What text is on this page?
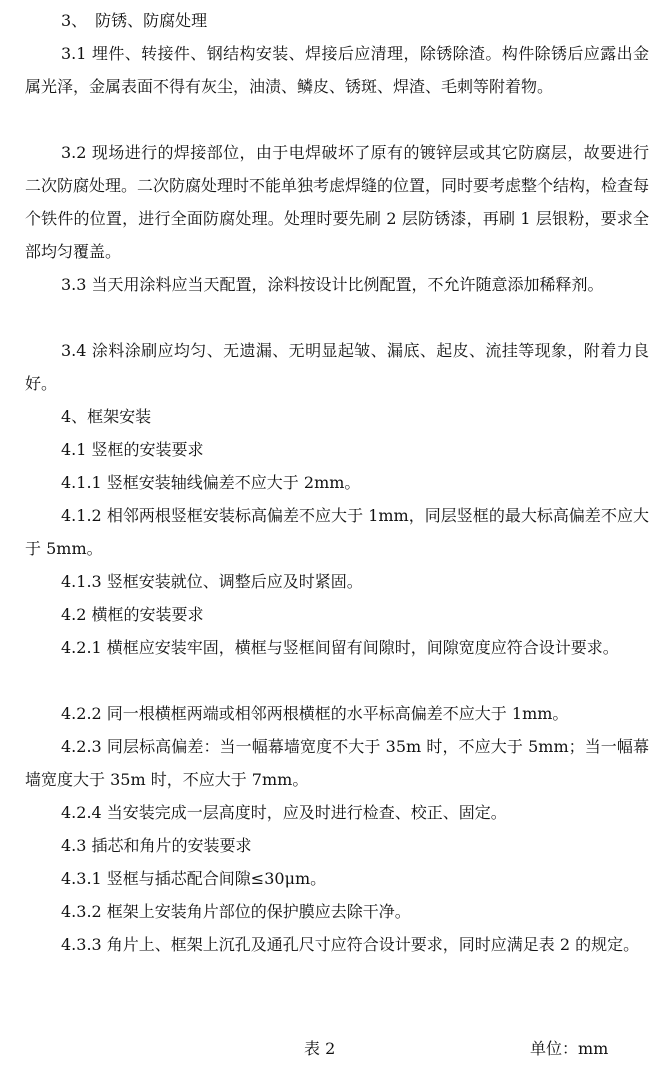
3、　防锈、防腐处理

3.1 埋件、转接件、钢结构安装、焊接后应清理，除锈除渣。构件除锈后应露出金属光泽，金属表面不得有灰尘，油渍、鳞皮、锈斑、焊渣、毛刺等附着物。

3.2 现场进行的焊接部位，由于电焊破坏了原有的镀锌层或其它防腐层，故要进行二次防腐处理。二次防腐处理时不能单独考虑焊缝的位置，同时要考虑整个结构，检查每个铁件的位置，进行全面防腐处理。处理时要先刷 2 层防锈漆，再刷 1 层银粉，要求全部均匀覆盖。

3.3 当天用涂料应当天配置，涂料按设计比例配置，不允许随意添加稀释剂。

3.4 涂料涂刷应均匀、无遗漏、无明显起皱、漏底、起皮、流挂等现象，附着力良好。

4、框架安装

4.1 竖框的安装要求

4.1.1 竖框安装轴线偏差不应大于 2mm。

4.1.2 相邻两根竖框安装标高偏差不应大于 1mm，同层竖框的最大标高偏差不应大于 5mm。

4.1.3 竖框安装就位、调整后应及时紧固。

4.2 横框的安装要求

4.2.1 横框应安装牢固，横框与竖框间留有间隙时，间隙宽度应符合设计要求。

4.2.2 同一根横框两端或相邻两根横框的水平标高偏差不应大于 1mm。

4.2.3 同层标高偏差：当一幅幕墙宽度不大于 35m 时，不应大于 5mm；当一幅幕墙宽度大于 35m 时，不应大于 7mm。

4.2.4 当安装完成一层高度时，应及时进行检查、校正、固定。

4.3 插芯和角片的安装要求

4.3.1 竖框与插芯配合间隙≤30μm。

4.3.2 框架上安装角片部位的保护膜应去除干净。

4.3.3 角片上、框架上沉孔及通孔尺寸应符合设计要求，同时应满足表 2 的规定。

表 2	单位：mm
